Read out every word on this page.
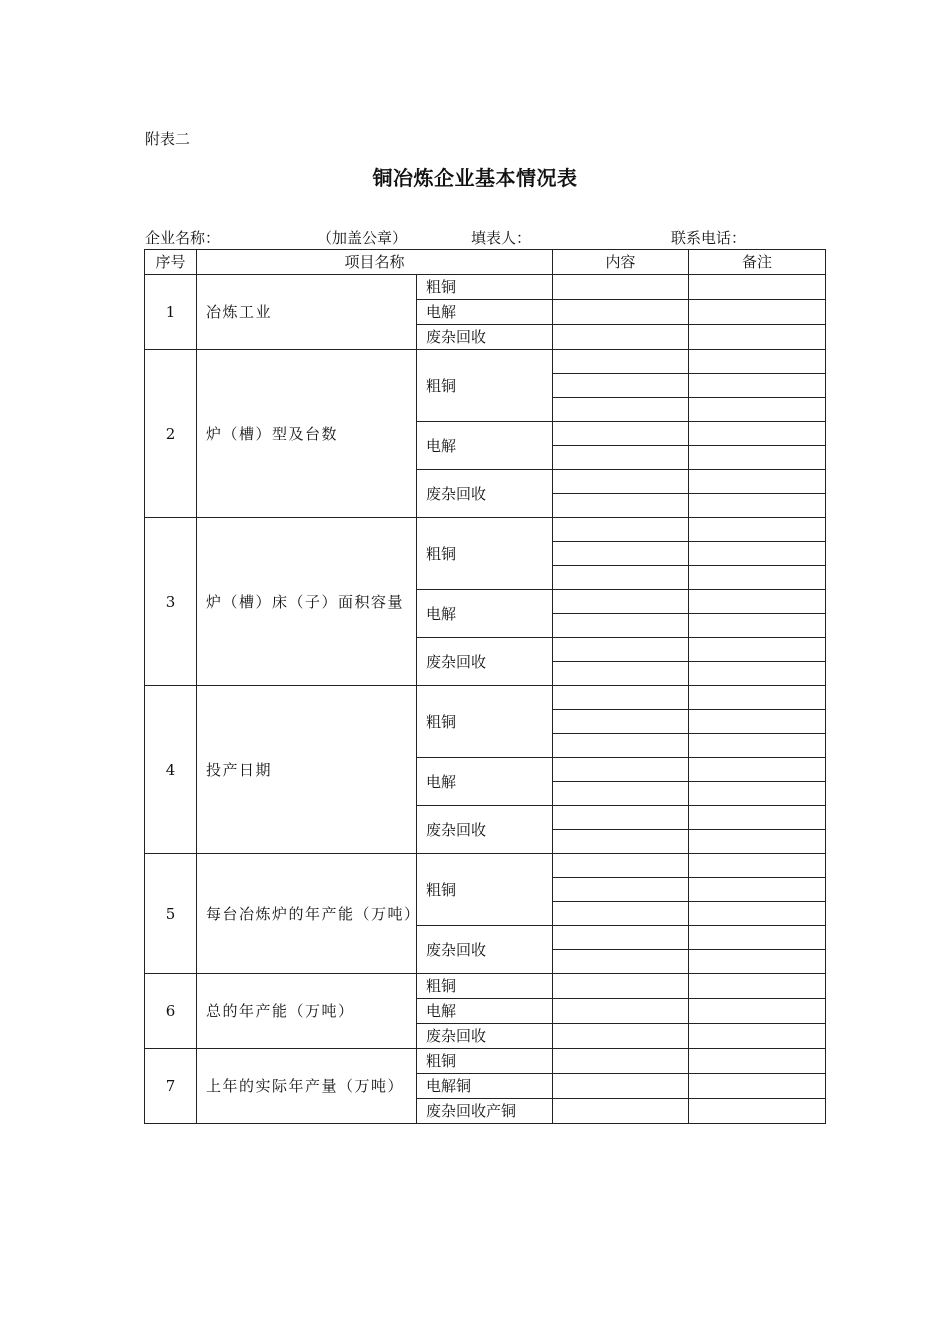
附表二
铜冶炼企业基本情况表
企业名称：	（加盖公章）	填表人：	联系电话：
序号	项目名称		内容	备注
1	冶炼工业	粗铜		
		电解		
		废杂回收		
2	炉（槽）型及台数	粗铜		

		电解		

		废杂回收		

3	炉（槽）床（子）面积容量	粗铜		

		电解		

		废杂回收		

4	投产日期	粗铜		

		电解		

		废杂回收		

5	每台冶炼炉的年产能（万吨）	粗铜		

		废杂回收		

6	总的年产能（万吨）	粗铜		
		电解		
		废杂回收		
7	上年的实际年产量（万吨）	粗铜		
		电解铜		
		废杂回收产铜		
